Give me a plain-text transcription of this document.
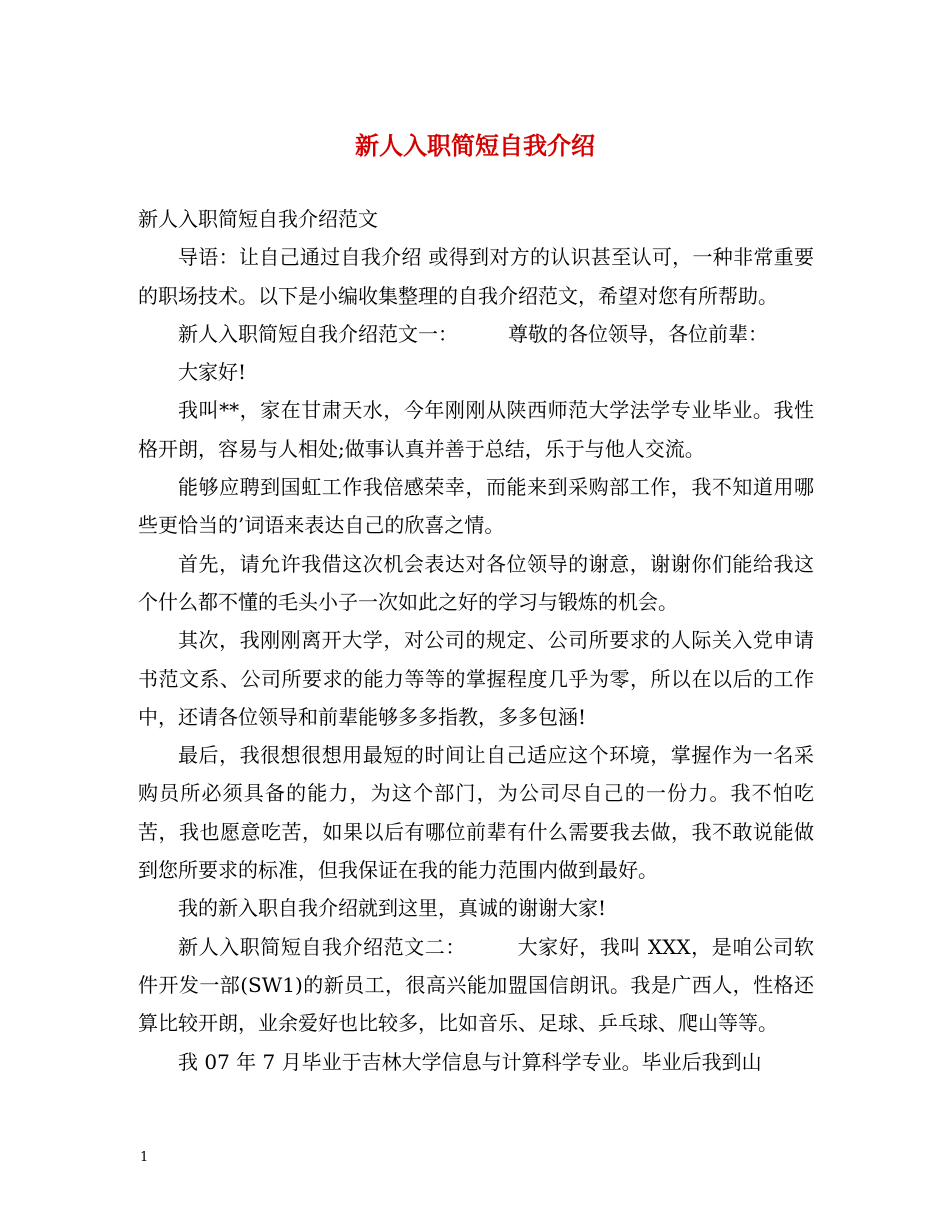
新人入职简短自我介绍

新人入职简短自我介绍范文

导语：让自己通过自我介绍 或得到对方的认识甚至认可，一种非常重要的职场技术。以下是小编收集整理的自我介绍范文，希望对您有所帮助。

新人入职简短自我介绍范文一：　　　尊敬的各位领导，各位前辈：

大家好!

我叫**，家在甘肃天水，今年刚刚从陕西师范大学法学专业毕业。我性格开朗，容易与人相处;做事认真并善于总结，乐于与他人交流。

能够应聘到国虹工作我倍感荣幸，而能来到采购部工作，我不知道用哪些更恰当的’词语来表达自己的欣喜之情。

首先，请允许我借这次机会表达对各位领导的谢意，谢谢你们能给我这个什么都不懂的毛头小子一次如此之好的学习与锻炼的机会。

其次，我刚刚离开大学，对公司的规定、公司所要求的人际关入党申请书范文系、公司所要求的能力等等的掌握程度几乎为零，所以在以后的工作中，还请各位领导和前辈能够多多指教，多多包涵!

最后，我很想很想用最短的时间让自己适应这个环境，掌握作为一名采购员所必须具备的能力，为这个部门，为公司尽自己的一份力。我不怕吃苦，我也愿意吃苦，如果以后有哪位前辈有什么需要我去做，我不敢说能做到您所要求的标准，但我保证在我的能力范围内做到最好。

我的新入职自我介绍就到这里，真诚的谢谢大家!

新人入职简短自我介绍范文二：　　　大家好，我叫 XXX，是咱公司软件开发一部(SW1)的新员工，很高兴能加盟国信朗讯。我是广西人，性格还算比较开朗，业余爱好也比较多，比如音乐、足球、乒乓球、爬山等等。

我 07 年 7 月毕业于吉林大学信息与计算科学专业。毕业后我到山

1
